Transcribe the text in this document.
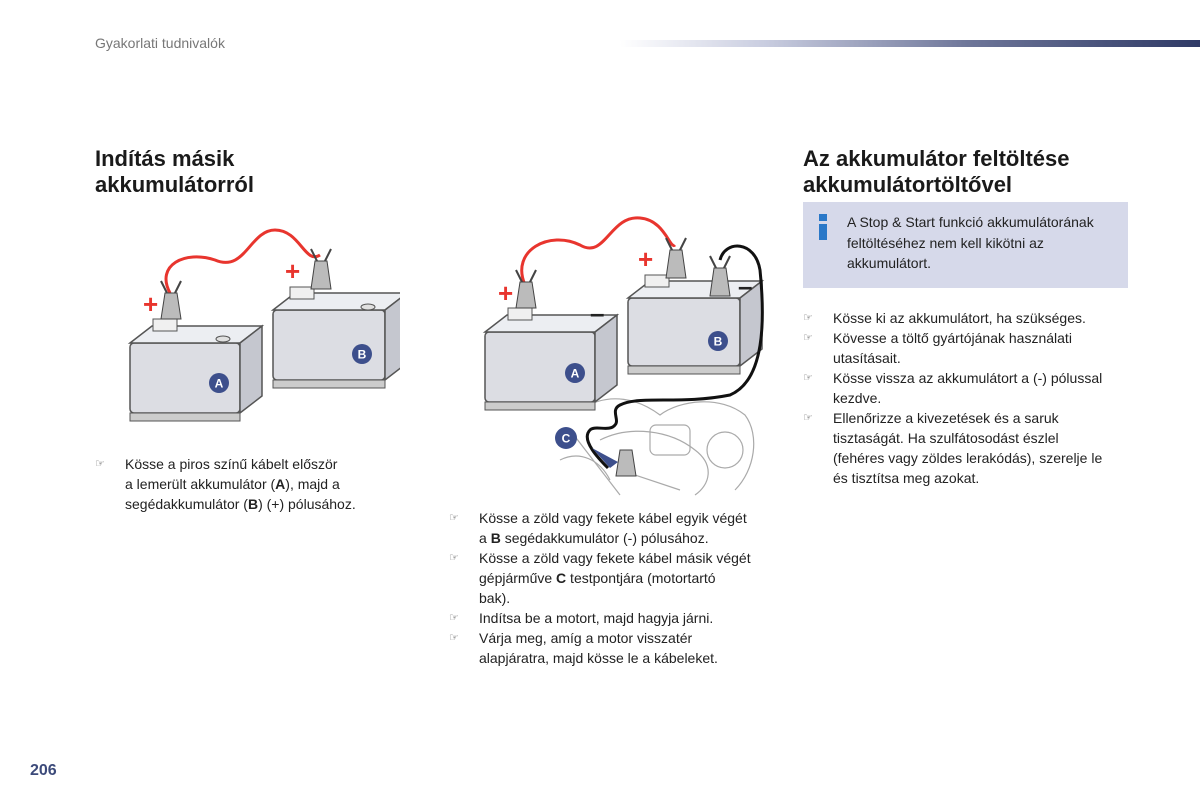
Gyakorlati tudnivalók
Indítás másik
akkumulátorról
B
A
+
+
☞ Kösse a piros színű kábelt először
a lemerült akkumulátor (A), majd a
segédakkumulátor (B) (+) pólusához.
B
A
C
+
+
–
–
☞ Kösse a zöld vagy fekete kábel egyik végét
a B segédakkumulátor (-) pólusához.
☞ Kösse a zöld vagy fekete kábel másik végét
gépjárműve C testpontjára (motortartó
bak).
☞ Indítsa be a motort, majd hagyja járni.
☞ Várja meg, amíg a motor visszatér
alapjáratra, majd kösse le a kábeleket.
Az akkumulátor feltöltése
akkumulátortöltővel
A Stop & Start funkció akkumulátorának
feltöltéséhez nem kell kikötni az
akkumulátort.
☞ Kösse ki az akkumulátort, ha szükséges.
☞ Kövesse a töltő gyártójának használati
utasításait.
☞ Kösse vissza az akkumulátort a (-) pólussal
kezdve.
☞ Ellenőrizze a kivezetések és a saruk
tisztaságát. Ha szulfátosodást észlel
(fehéres vagy zöldes lerakódás), szerelje le
és tisztítsa meg azokat.
206
